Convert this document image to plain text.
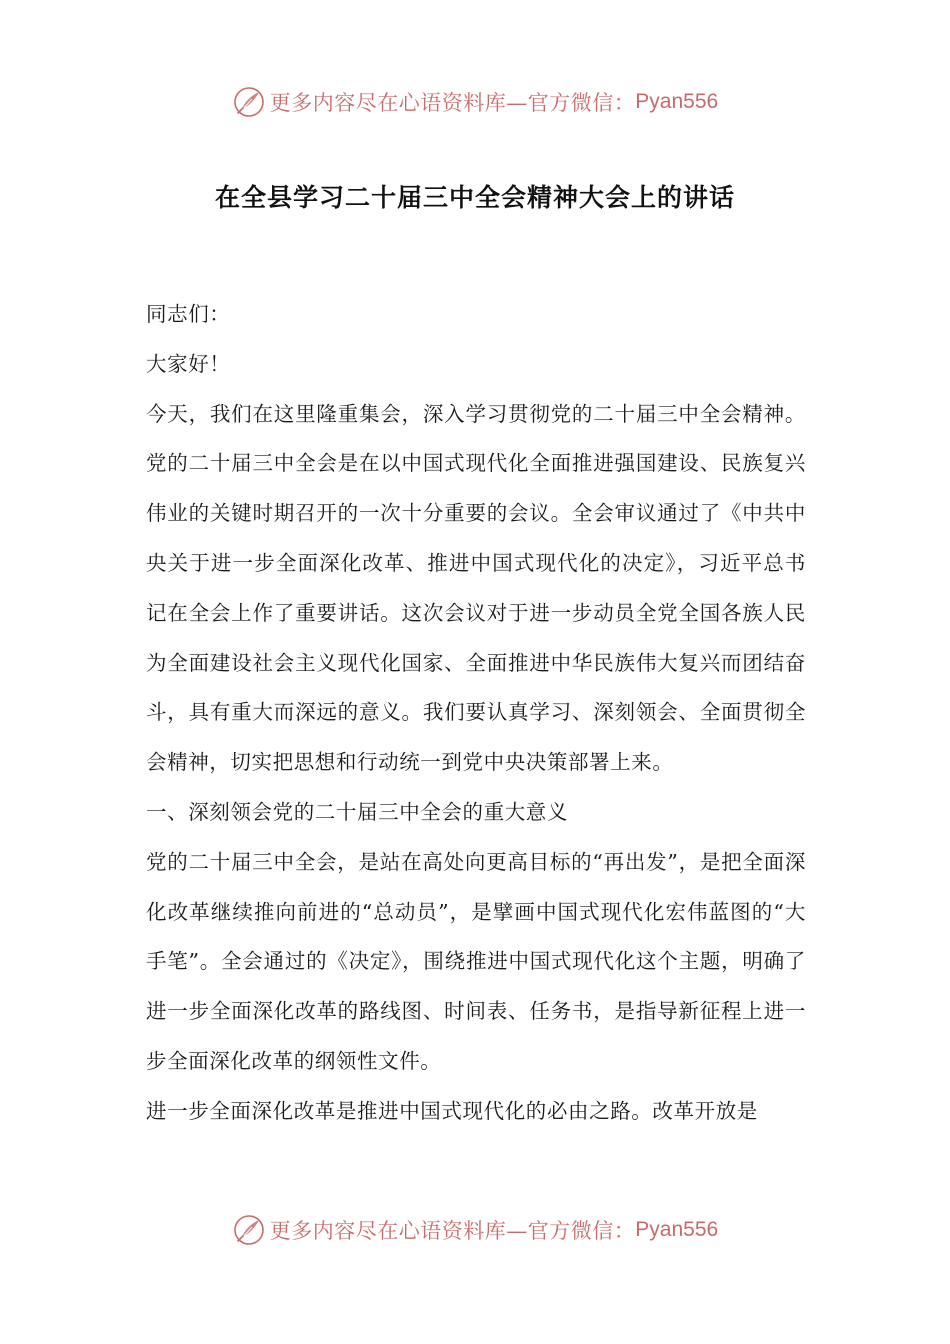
更多内容尽在心语资料库—官方微信： Pyan556
在全县学习二十届三中全会精神大会上的讲话

同志们：

大家好！

今天，我们在这里隆重集会，深入学习贯彻党的二十届三中全会精神。党的二十届三中全会是在以中国式现代化全面推进强国建设、民族复兴伟业的关键时期召开的一次十分重要的会议。全会审议通过了《中共中央关于进一步全面深化改革、推进中国式现代化的决定》，习近平总书记在全会上作了重要讲话。这次会议对于进一步动员全党全国各族人民为全面建设社会主义现代化国家、全面推进中华民族伟大复兴而团结奋斗，具有重大而深远的意义。我们要认真学习、深刻领会、全面贯彻全会精神，切实把思想和行动统一到党中央决策部署上来。

一、深刻领会党的二十届三中全会的重大意义

党的二十届三中全会，是站在高处向更高目标的“再出发”，是把全面深化改革继续推向前进的“总动员”，是擘画中国式现代化宏伟蓝图的“大手笔”。全会通过的《决定》，围绕推进中国式现代化这个主题，明确了进一步全面深化改革的路线图、时间表、任务书，是指导新征程上进一步全面深化改革的纲领性文件。

进一步全面深化改革是推进中国式现代化的必由之路。改革开放是

更多内容尽在心语资料库—官方微信： Pyan556
